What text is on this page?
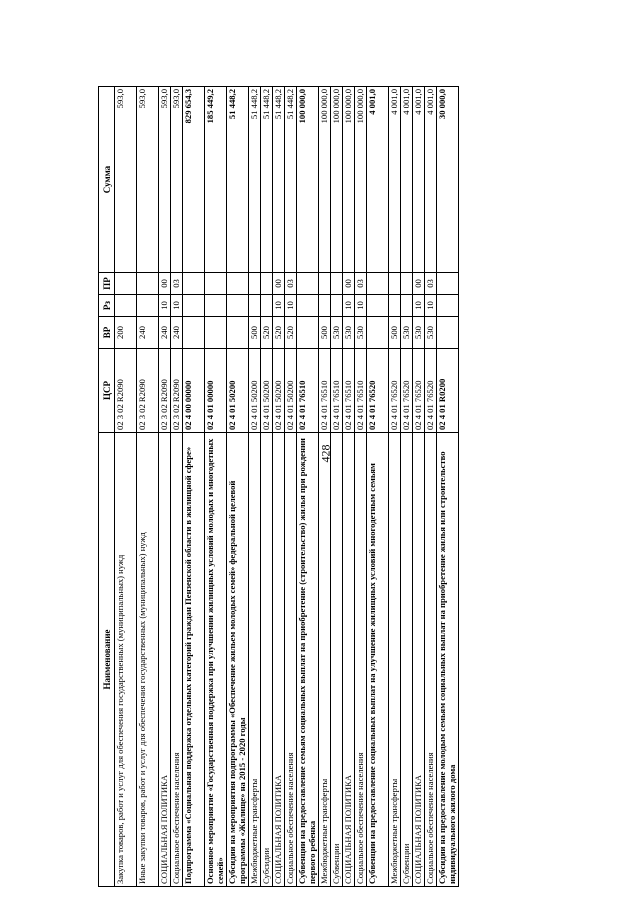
428
Наименование	ЦСР	ВР	Рз	ПР	Сумма
Закупка товаров, работ и услуг для обеспечения государственных (муниципальных) нужд	02 3 02 R2090	200			593,0
Иные закупки товаров, работ и услуг для обеспечения государственных (муниципальных) нужд	02 3 02 R2090	240			593,0
СОЦИАЛЬНАЯ ПОЛИТИКА	02 3 02 R2090	240	10	00	593,0
Социальное обеспечение населения	02 3 02 R2090	240	10	03	593,0
Подпрограмма «Социальная поддержка отдельных категорий граждан Пензенской области в жилищной сфере»	02 4 00 00000				829 654,3
Основное мероприятие «Государственная поддержка при улучшении жилищных условий молодых и многодетных семей»	02 4 01 00000				185 449,2
Субсидии на мероприятия подпрограммы «Обеспечение жильем молодых семей» федеральной целевой программы «Жилище» на 2015 - 2020 годы	02 4 01 50200				51 448,2
Межбюджетные трансферты	02 4 01 50200	500			51 448,2
Субсидии	02 4 01 50200	520			51 448,2
СОЦИАЛЬНАЯ ПОЛИТИКА	02 4 01 50200	520	10	00	51 448,2
Социальное обеспечение населения	02 4 01 50200	520	10	03	51 448,2
Субвенции на предоставление семьям социальных выплат на приобретение (строительство) жилья при рождении первого ребенка	02 4 01 76510				100 000,0
Межбюджетные трансферты	02 4 01 76510	500			100 000,0
Субвенции	02 4 01 76510	530			100 000,0
СОЦИАЛЬНАЯ ПОЛИТИКА	02 4 01 76510	530	10	00	100 000,0
Социальное обеспечение населения	02 4 01 76510	530	10	03	100 000,0
Субвенции на предоставление социальных выплат на улучшение жилищных условий многодетным семьям	02 4 01 76520				4 001,0
Межбюджетные трансферты	02 4 01 76520	500			4 001,0
Субвенции	02 4 01 76520	530			4 001,0
СОЦИАЛЬНАЯ ПОЛИТИКА	02 4 01 76520	530	10	00	4 001,0
Социальное обеспечение населения	02 4 01 76520	530	10	03	4 001,0
Субсидии на предоставление молодым семьям социальных выплат на приобретение жилья или строительство индивидуального жилого дома	02 4 01 R0200				30 000,0
